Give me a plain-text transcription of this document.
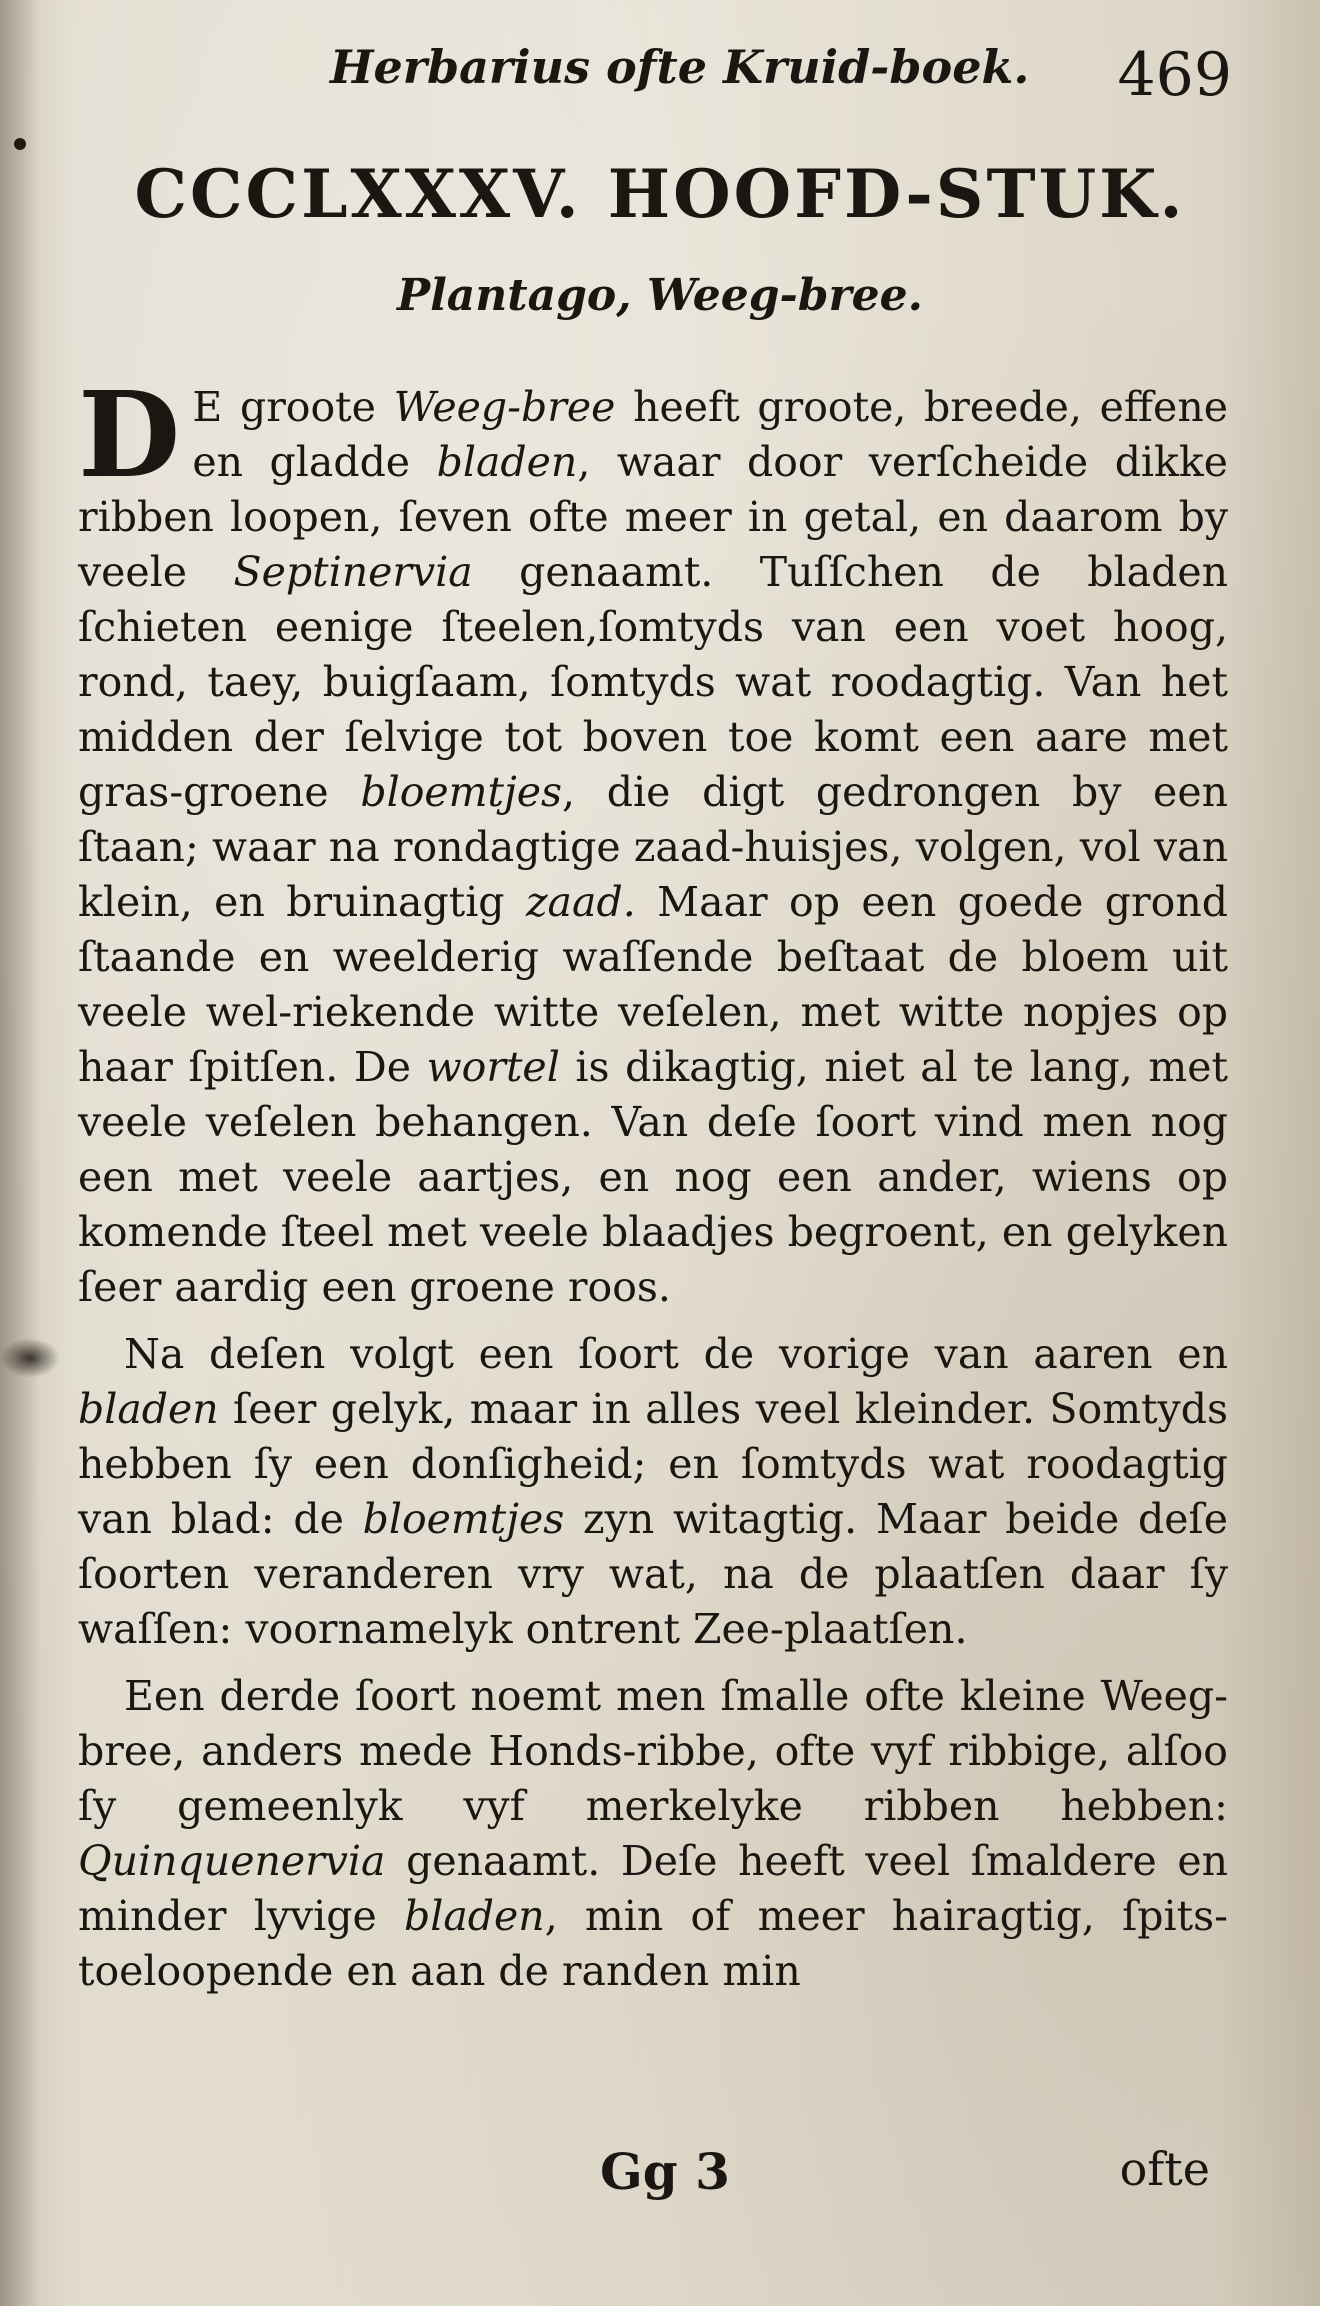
Herbarius ofte Kruid-boek. 469
CCCLXXXV. HOOFD-STUK.
Plantago, Weeg-bree.

D E groote Weeg-bree heeft groote, breede, effene en gladde bladen, waar door verſcheide dikke ribben loopen, ſeven ofte meer in getal, en daarom by veele Septinervia genaamt. Tuſſchen de bladen ſchieten eenige ſteelen,ſomtyds van een voet hoog, rond, taey, buigſaam, ſomtyds wat roodagtig. Van het midden der ſelvige tot boven toe komt een aare met gras-groene bloemtjes, die digt gedrongen by een ſtaan; waar na rondagtige zaad-huisjes, volgen, vol van klein, en bruinagtig zaad. Maar op een goede grond ſtaande en weelderig waſſende beſtaat de bloem uit veele wel-riekende witte veſelen, met witte nopjes op haar ſpitſen. De wortel is dikagtig, niet al te lang, met veele veſelen behangen. Van deſe ſoort vind men nog een met veele aartjes, en nog een ander, wiens op komende ſteel met veele blaadjes begroent, en gelyken ſeer aardig een groene roos.

Na deſen volgt een ſoort de vorige van aaren en bladen ſeer gelyk, maar in alles veel kleinder. Somtyds hebben ſy een donſigheid; en ſomtyds wat roodagtig van blad: de bloemtjes zyn witagtig. Maar beide deſe ſoorten veranderen vry wat, na de plaatſen daar ſy waſſen: voornamelyk ontrent Zee-plaatſen.

Een derde ſoort noemt men ſmalle ofte kleine Weeg-bree, anders mede Honds-ribbe, ofte vyf ribbige, alſoo ſy gemeenlyk vyf merkelyke ribben hebben: Quinquenervia genaamt. Deſe heeft veel ſmaldere en minder lyvige bladen, min of meer hairagtig, ſpits-toeloopende en aan de randen min

Gg 3	ofte
